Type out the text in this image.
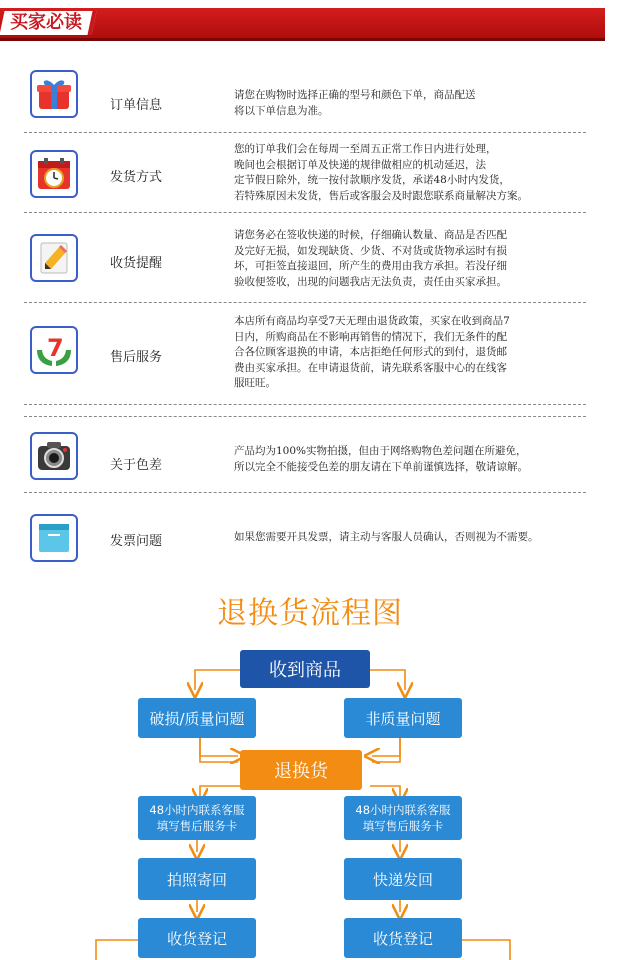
买家必读
订单信息
请您在购物时选择正确的型号和颜色下单，商品配送
将以下单信息为准。
发货方式
您的订单我们会在每周一至周五正常工作日内进行处理，
晚间也会根据订单及快递的规律做相应的机动延迟，法
定节假日除外，统一按付款顺序发货，承诺48小时内发货，
若特殊原因未发货，售后或客服会及时跟您联系商量解决方案。
收货提醒
请您务必在签收快递的时候，仔细确认数量、商品是否匹配
及完好无损，如发现缺货、少货、不对货或货物承运时有损
坏，可拒签直接退回，所产生的费用由我方承担。若没仔细
验收便签收，出现的问题我店无法负责，责任由买家承担。
7	售后服务
本店所有商品均享受7天无理由退货政策，买家在收到商品7
日内，所购商品在不影响再销售的情况下，我们无条件的配
合各位顾客退换的申请，本店拒绝任何形式的到付，退货邮
费由买家承担。在申请退货前，请先联系客服中心的在线客
服旺旺。
关于色差
产品均为100%实物拍摄，但由于网络购物色差问题在所避免，
所以完全不能接受色差的朋友请在下单前谨慎选择，敬请谅解。
发票问题	如果您需要开具发票，请主动与客服人员确认，否则视为不需要。
退换货流程图
收到商品
破损/质量问题	非质量问题
退换货
48小时内联系客服
填写售后服务卡
48小时内联系客服
填写售后服务卡
拍照寄回	快递发回
收货登记	收货登记
